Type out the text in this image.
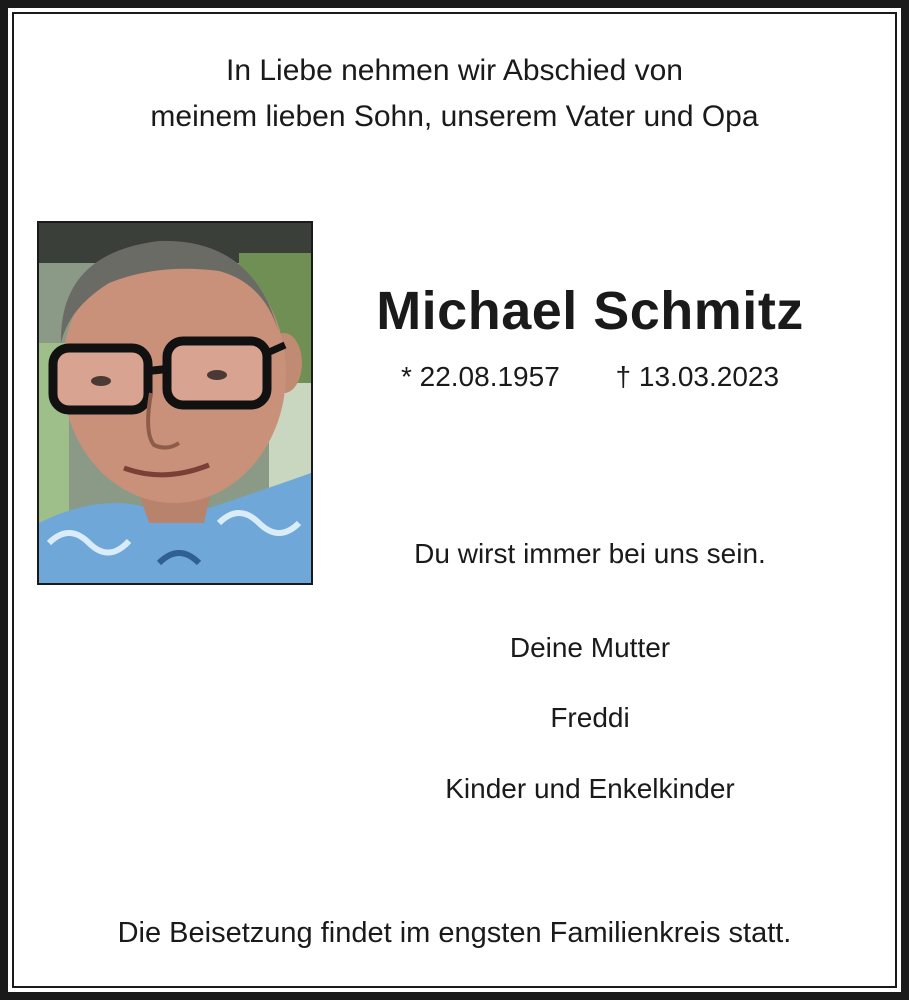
In Liebe nehmen wir Abschied von
meinem lieben Sohn, unserem Vater und Opa
Michael Schmitz
* 22.08.1957 † 13.03.2023
Du wirst immer bei uns sein.
Deine Mutter
Freddi
Kinder und Enkelkinder
Die Beisetzung findet im engsten Familienkreis statt.
